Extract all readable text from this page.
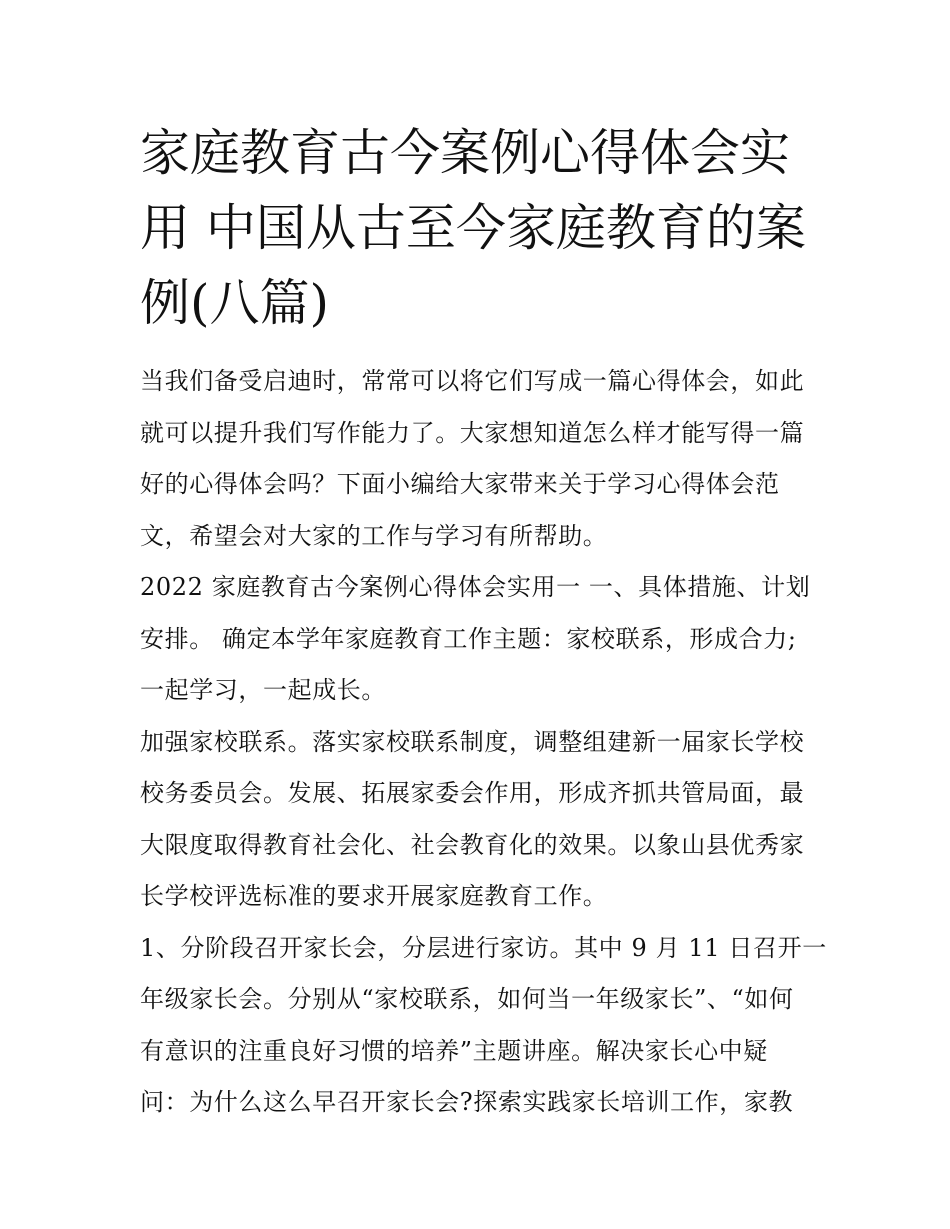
家庭教育古今案例心得体会实
用 中国从古至今家庭教育的案
例(八篇)

当我们备受启迪时，常常可以将它们写成一篇心得体会，如此
就可以提升我们写作能力了。大家想知道怎么样才能写得一篇
好的心得体会吗？下面小编给大家带来关于学习心得体会范
文，希望会对大家的工作与学习有所帮助。

2022 家庭教育古今案例心得体会实用一 一、具体措施、计划
安排。 确定本学年家庭教育工作主题：家校联系，形成合力;
一起学习，一起成长。

加强家校联系。落实家校联系制度，调整组建新一届家长学校
校务委员会。发展、拓展家委会作用，形成齐抓共管局面，最
大限度取得教育社会化、社会教育化的效果。以象山县优秀家
长学校评选标准的要求开展家庭教育工作。

1、分阶段召开家长会，分层进行家访。其中 9 月 11 日召开一
年级家长会。分别从“家校联系，如何当一年级家长”、“如何
有意识的注重良好习惯的培养”主题讲座。解决家长心中疑
问：为什么这么早召开家长会?探索实践家长培训工作，家教
